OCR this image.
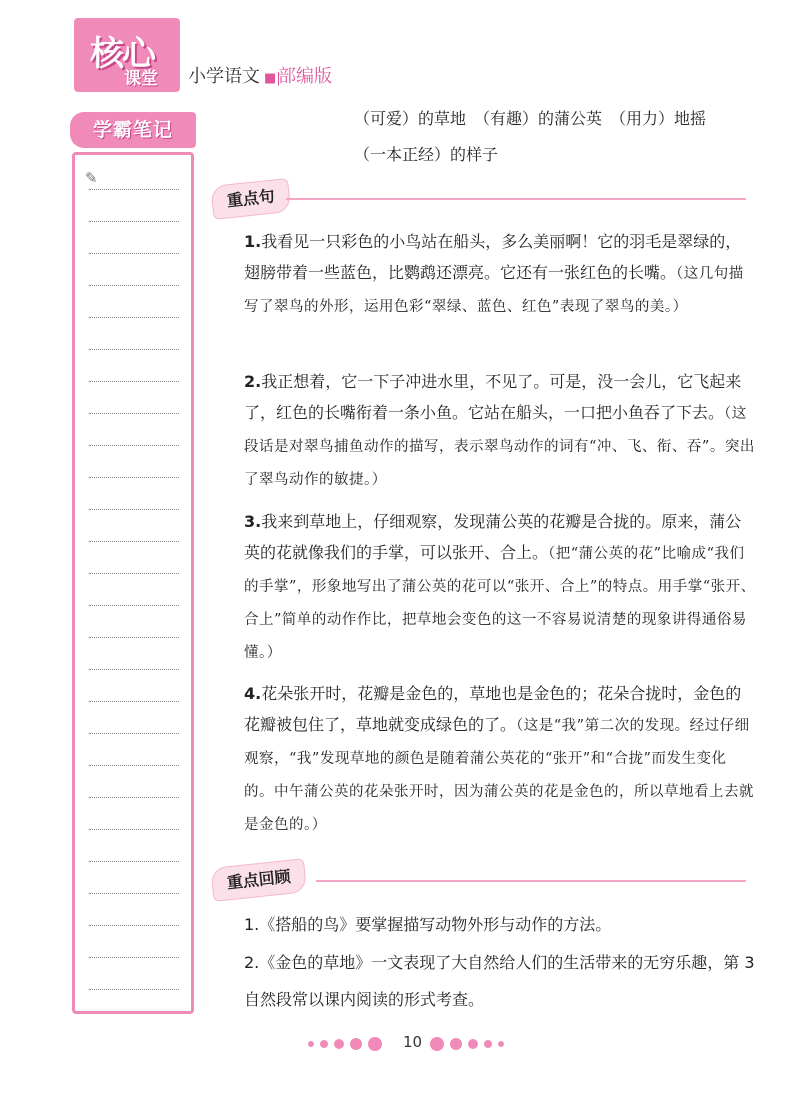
核心
课堂 小学语文 ■|
部编版
学霸笔记
✎
（可爱）的草地　（有趣）的蒲公英　（用力）地摇
（一本正经）的样子
重点句
1.我看见一只彩色的小鸟站在船头，多么美丽啊！它的羽毛是翠绿的，翅膀带着一些蓝色，比鹦鹉还漂亮。它还有一张红色的长嘴。（这几句描写了翠鸟的外形，运用色彩“翠绿、蓝色、红色”表现了翠鸟的美。）
2.我正想着，它一下子冲进水里，不见了。可是，没一会儿，它飞起来了，红色的长嘴衔着一条小鱼。它站在船头，一口把小鱼吞了下去。（这段话是对翠鸟捕鱼动作的描写，表示翠鸟动作的词有“冲、飞、衔、吞”。突出了翠鸟动作的敏捷。）
3.我来到草地上，仔细观察，发现蒲公英的花瓣是合拢的。原来，蒲公英的花就像我们的手掌，可以张开、合上。（把“蒲公英的花”比喻成“我们的手掌”，形象地写出了蒲公英的花可以“张开、合上”的特点。用手掌“张开、合上”简单的动作作比，把草地会变色的这一不容易说清楚的现象讲得通俗易懂。）
4.花朵张开时，花瓣是金色的，草地也是金色的；花朵合拢时，金色的花瓣被包住了，草地就变成绿色的了。（这是“我”第二次的发现。经过仔细观察，“我”发现草地的颜色是随着蒲公英花的“张开”和“合拢”而发生变化的。中午蒲公英的花朵张开时，因为蒲公英的花是金色的，所以草地看上去就是金色的。）
重点回顾
1.《搭船的鸟》要掌握描写动物外形与动作的方法。
2.《金色的草地》一文表现了大自然给人们的生活带来的无穷乐趣，第 3 自然段常以课内阅读的形式考查。
10
